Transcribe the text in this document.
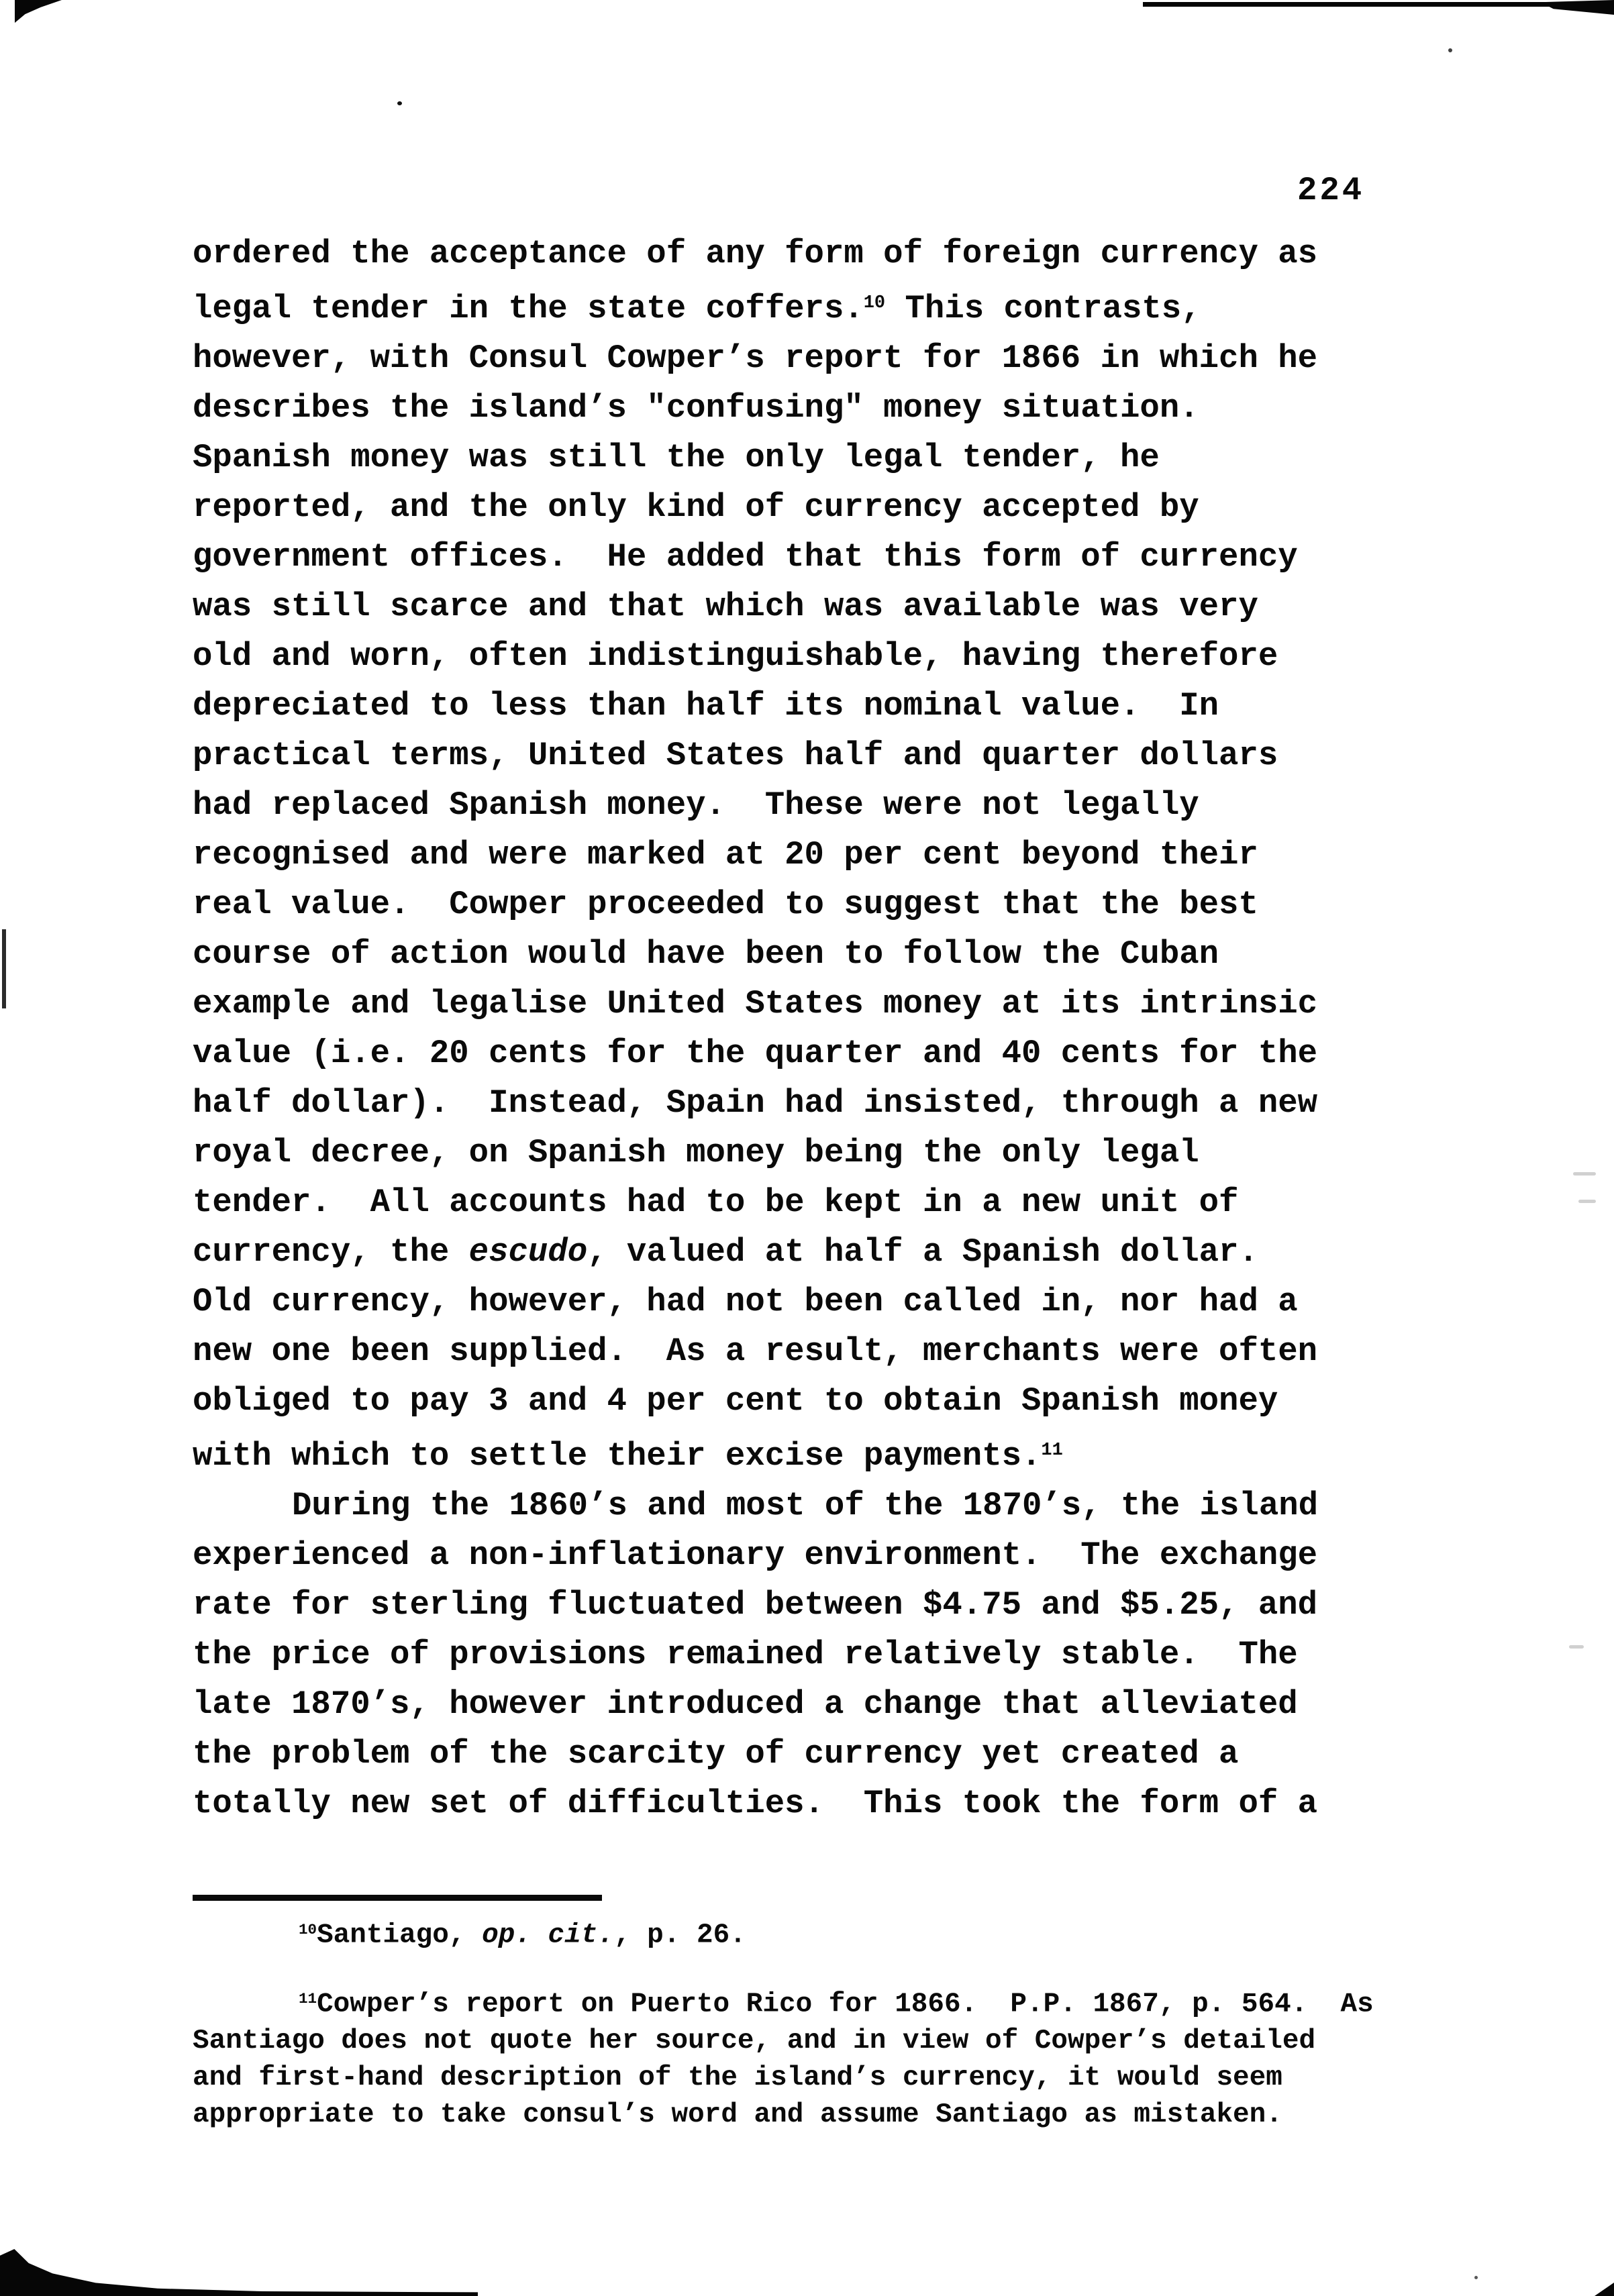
224
ordered the acceptance of any form of foreign currency as
legal tender in the state coffers.$^{10}$ This contrasts,
however, with Consul Cowper’s report for 1866 in which he
describes the island’s "confusing" money situation.
Spanish money was still the only legal tender, he
reported, and the only kind of currency accepted by
government offices.  He added that this form of currency
was still scarce and that which was available was very
old and worn, often indistinguishable, having therefore
depreciated to less than half its nominal value.  In
practical terms, United States half and quarter dollars
had replaced Spanish money.  These were not legally
recognised and were marked at 20 per cent beyond their
real value.  Cowper proceeded to suggest that the best
course of action would have been to follow the Cuban
example and legalise United States money at its intrinsic
value (i.e. 20 cents for the quarter and 40 cents for the
half dollar).  Instead, Spain had insisted, through a new
royal decree, on Spanish money being the only legal
tender.  All accounts had to be kept in a new unit of
currency, the escudo, valued at half a Spanish dollar.
Old currency, however, had not been called in, nor had a
new one been supplied.  As a result, merchants were often
obliged to pay 3 and 4 per cent to obtain Spanish money
with which to settle their excise payments.$^{11}$
During the 1860’s and most of the 1870’s, the island
experienced a non-inflationary environment.  The exchange
rate for sterling fluctuated between $4.75 and $5.25, and
the price of provisions remained relatively stable.  The
late 1870’s, however introduced a change that alleviated
the problem of the scarcity of currency yet created a
totally new set of difficulties.  This took the form of a
$^{10}$Santiago, op. cit., p. 26.
$^{11}$Cowper’s report on Puerto Rico for 1866.  P.P. 1867, p. 564.  As
Santiago does not quote her source, and in view of Cowper’s detailed
and first-hand description of the island’s currency, it would seem
appropriate to take consul’s word and assume Santiago as mistaken.
